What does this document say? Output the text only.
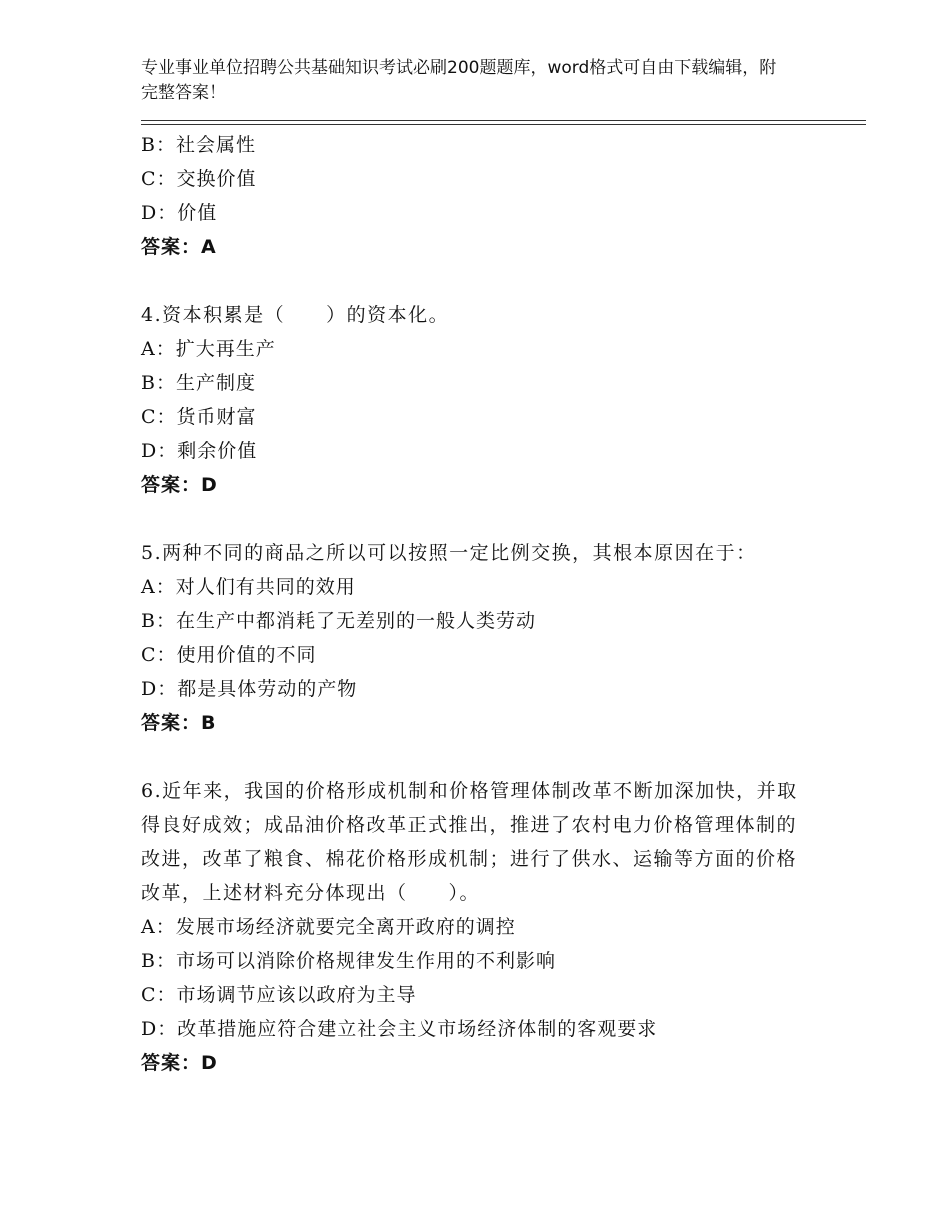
专业事业单位招聘公共基础知识考试必刷200题题库，word格式可自由下载编辑，附完整答案！

B：社会属性

C：交换价值

D：价值

答案：A

4.资本积累是（　　）的资本化。

A：扩大再生产

B：生产制度

C：货币财富

D：剩余价值

答案：D

5.两种不同的商品之所以可以按照一定比例交换，其根本原因在于：

A：对人们有共同的效用

B：在生产中都消耗了无差别的一般人类劳动

C：使用价值的不同

D：都是具体劳动的产物

答案：B

6.近年来，我国的价格形成机制和价格管理体制改革不断加深加快，并取得良好成效；成品油价格改革正式推出，推进了农村电力价格管理体制的改进，改革了粮食、棉花价格形成机制；进行了供水、运输等方面的价格改革，上述材料充分体现出（　　）。

A：发展市场经济就要完全离开政府的调控

B：市场可以消除价格规律发生作用的不利影响

C：市场调节应该以政府为主导

D：改革措施应符合建立社会主义市场经济体制的客观要求

答案：D
